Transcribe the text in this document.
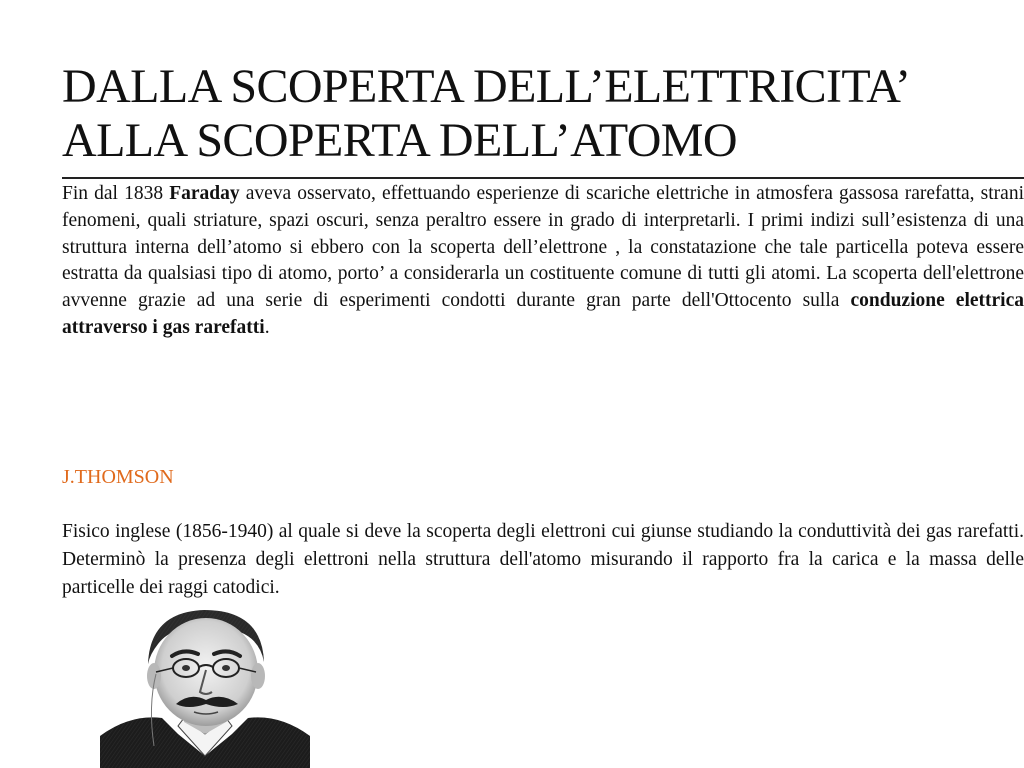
DALLA SCOPERTA DELL’ELETTRICITA’
ALLA SCOPERTA DELL’ATOMO

Fin dal 1838 Faraday aveva osservato, effettuando esperienze di scariche elettriche in atmosfera gassosa rarefatta, strani fenomeni, quali striature, spazi oscuri, senza peraltro essere in grado di interpretarli. I primi indizi sull’esistenza di una struttura interna dell’atomo si ebbero con la scoperta dell’elettrone , la constatazione che tale particella poteva essere estratta da qualsiasi tipo di atomo, porto’ a considerarla un costituente comune di tutti gli atomi. La scoperta dell'elettrone avvenne grazie ad una serie di esperimenti condotti durante gran parte dell'Ottocento sulla conduzione elettrica attraverso i gas rarefatti.

J.THOMSON

Fisico inglese (1856-1940) al quale si deve la scoperta degli elettroni cui giunse studiando la conduttività dei gas rarefatti. Determinò la presenza degli elettroni nella struttura dell'atomo misurando il rapporto fra la carica e la massa delle particelle dei raggi catodici.
